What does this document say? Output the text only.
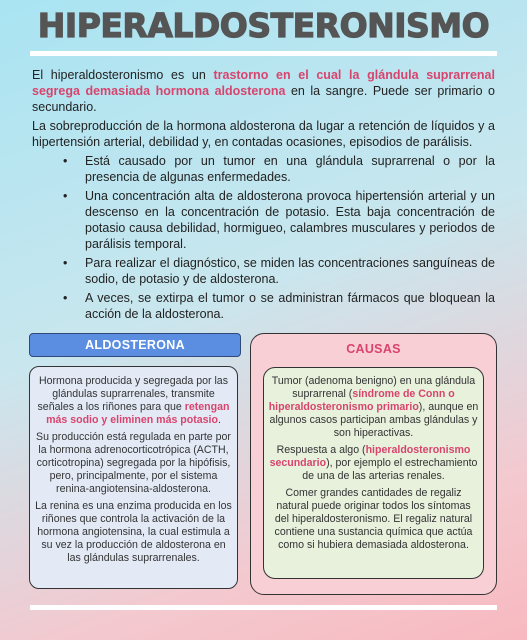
HIPERALDOSTERONISMO

El hiperaldosteronismo es un trastorno en el cual la glándula suprarrenal segrega demasiada hormona aldosterona en la sangre. Puede ser primario o secundario.

La sobreproducción de la hormona aldosterona da lugar a retención de líquidos y a hipertensión arterial, debilidad y, en contadas ocasiones, episodios de parálisis.

• Está causado por un tumor en una glándula suprarrenal o por la presencia de algunas enfermedades.
• Una concentración alta de aldosterona provoca hipertensión arterial y un descenso en la concentración de potasio. Esta baja concentración de potasio causa debilidad, hormigueo, calambres musculares y periodos de parálisis temporal.
• Para realizar el diagnóstico, se miden las concentraciones sanguíneas de sodio, de potasio y de aldosterona.
• A veces, se extirpa el tumor o se administran fármacos que bloquean la acción de la aldosterona.
ALDOSTERONA

Hormona producida y segregada por las glándulas suprarrenales, transmite señales a los riñones para que retengan más sodio y eliminen más potasio.

Su producción está regulada en parte por la hormona adrenocorticotrópica (ACTH, corticotropina) segregada por la hipófisis, pero, principalmente, por el sistema renina-angiotensina-aldosterona.

La renina es una enzima producida en los riñones que controla la activación de la hormona angiotensina, la cual estimula a su vez la producción de aldosterona en las glándulas suprarrenales.

CAUSAS

Tumor (adenoma benigno) en una glándula suprarrenal (síndrome de Conn o hiperaldosteronismo primario), aunque en algunos casos participan ambas glándulas y son hiperactivas.

Respuesta a algo (hiperaldosteronismo secundario), por ejemplo el estrechamiento de una de las arterias renales.

Comer grandes cantidades de regaliz natural puede originar todos los síntomas del hiperaldosteronismo. El regaliz natural contiene una sustancia química que actúa como si hubiera demasiada aldosterona.
